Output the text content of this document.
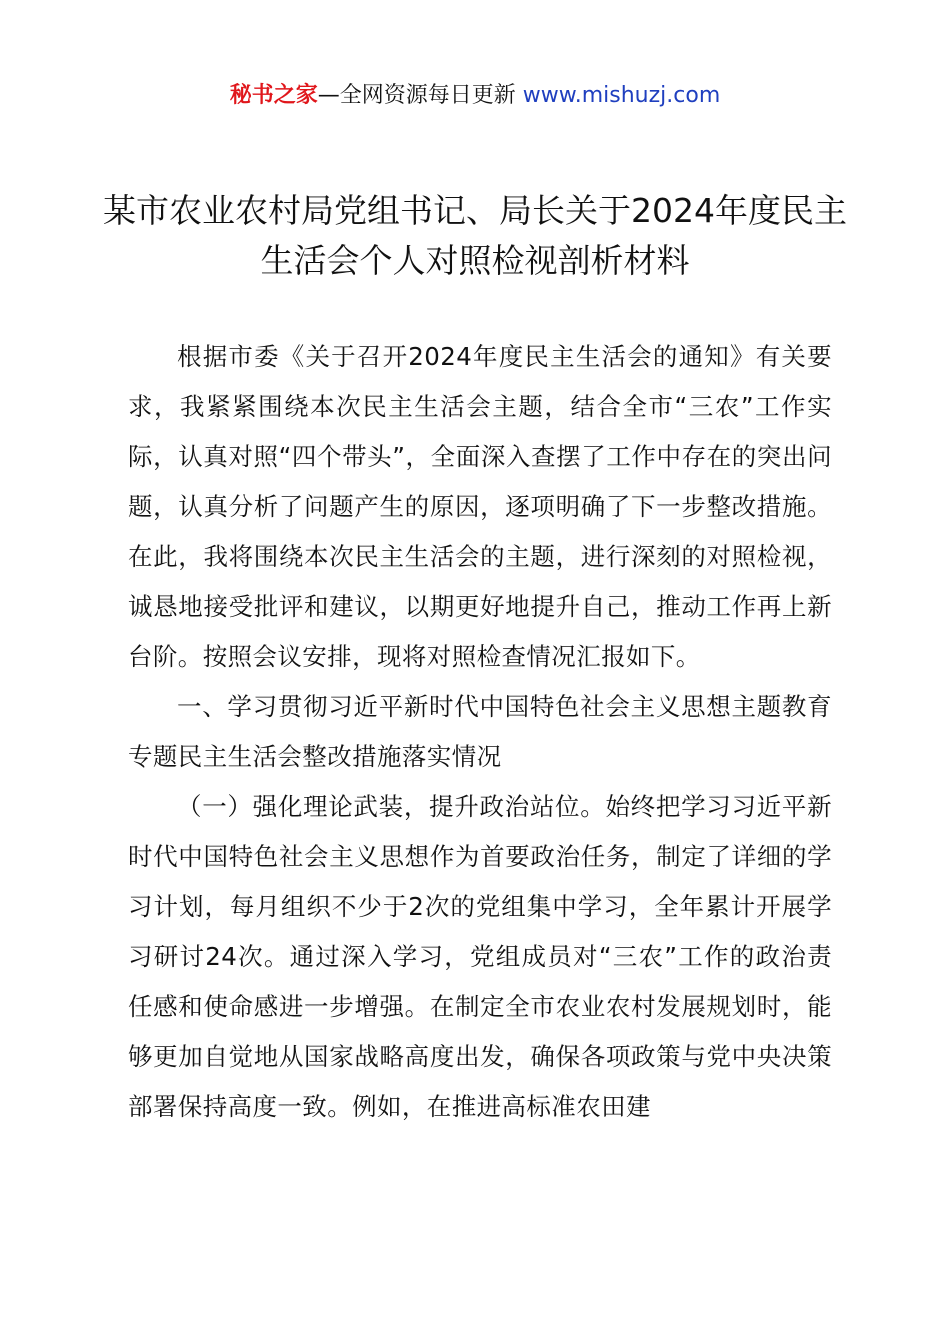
秘书之家—全网资源每日更新 www.mishuzj.com
某市农业农村局党组书记、局长关于2024年度民主生活会个人对照检视剖析材料

根据市委《关于召开2024年度民主生活会的通知》有关要求，我紧紧围绕本次民主生活会主题，结合全市“三农”工作实际，认真对照“四个带头”，全面深入查摆了工作中存在的突出问题，认真分析了问题产生的原因，逐项明确了下一步整改措施。在此，我将围绕本次民主生活会的主题，进行深刻的对照检视，诚恳地接受批评和建议，以期更好地提升自己，推动工作再上新台阶。按照会议安排，现将对照检查情况汇报如下。

一、学习贯彻习近平新时代中国特色社会主义思想主题教育专题民主生活会整改措施落实情况

（一）强化理论武装，提升政治站位。始终把学习习近平新时代中国特色社会主义思想作为首要政治任务，制定了详细的学习计划，每月组织不少于2次的党组集中学习，全年累计开展学习研讨24次。通过深入学习，党组成员对“三农”工作的政治责任感和使命感进一步增强。在制定全市农业农村发展规划时，能够更加自觉地从国家战略高度出发，确保各项政策与党中央决策部署保持高度一致。例如，在推进高标准农田建
